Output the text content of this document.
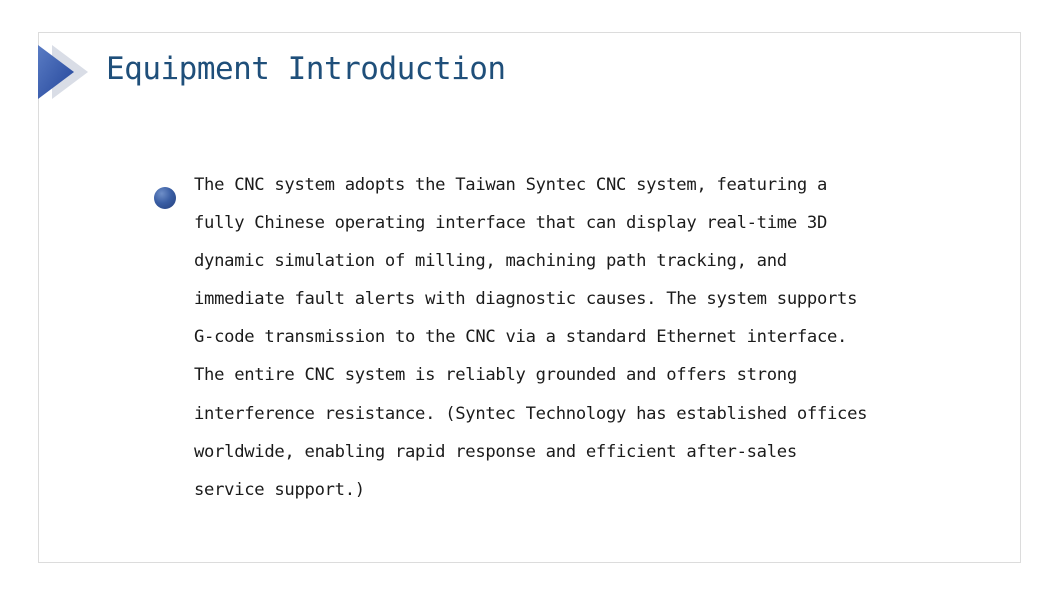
Equipment Introduction

The CNC system adopts the Taiwan Syntec CNC system, featuring a
fully Chinese operating interface that can display real-time 3D
dynamic simulation of milling, machining path tracking, and
immediate fault alerts with diagnostic causes. The system supports
G-code transmission to the CNC via a standard Ethernet interface.
The entire CNC system is reliably grounded and offers strong
interference resistance. (Syntec Technology has established offices
worldwide, enabling rapid response and efficient after-sales
service support.)
